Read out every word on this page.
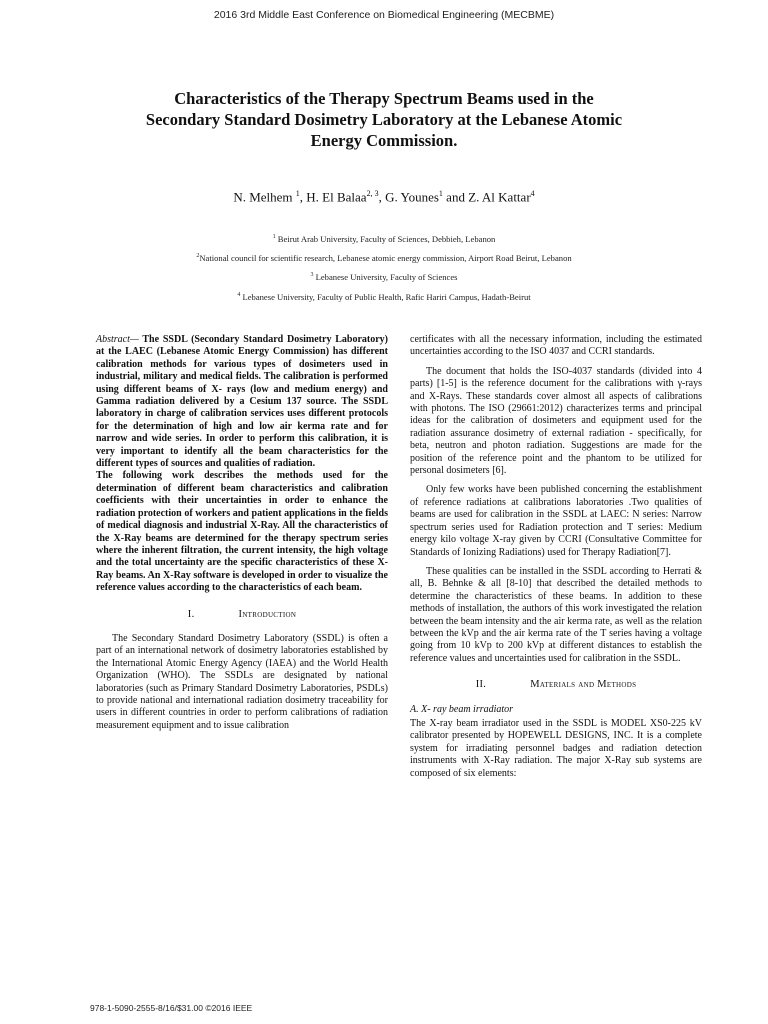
2016 3rd Middle East Conference on Biomedical Engineering (MECBME)
Characteristics of the Therapy Spectrum Beams used in the
Secondary Standard Dosimetry Laboratory at the Lebanese Atomic
Energy Commission.
N. Melhem $^1$, H. El Balaa$^{2, 3}$, G. Younes$^1$ and Z. Al Kattar$^4$
$^1$ Beirut Arab University, Faculty of Sciences, Debbieh, Lebanon
$^2$National council for scientific research, Lebanese atomic energy commission, Airport Road Beirut, Lebanon
$^3$ Lebanese University, Faculty of Sciences
$^4$ Lebanese University, Faculty of Public Health, Rafic Hariri Campus, Hadath-Beirut

Abstract— The SSDL (Secondary Standard Dosimetry Laboratory) at the LAEC (Lebanese Atomic Energy Commission) has different calibration methods for various types of dosimeters used in industrial, military and medical fields. The calibration is performed using different beams of X- rays (low and medium energy) and Gamma radiation delivered by a Cesium 137 source. The SSDL laboratory in charge of calibration services uses different protocols for the determination of high and low air kerma rate and for narrow and wide series. In order to perform this calibration, it is very important to identify all the beam characteristics for the different types of sources and qualities of radiation.

The following work describes the methods used for the determination of different beam characteristics and calibration coefficients with their uncertainties in order to enhance the radiation protection of workers and patient applications in the fields of medical diagnosis and industrial X-Ray. All the characteristics of the X-Ray beams are determined for the therapy spectrum series where the inherent filtration, the current intensity, the high voltage and the total uncertainty are the specific characteristics of these X-Ray beams. An X-Ray software is developed in order to visualize the reference values according to the characteristics of each beam.

I.	Introduction

The Secondary Standard Dosimetry Laboratory (SSDL) is often a part of an international network of dosimetry laboratories established by the International Atomic Energy Agency (IAEA) and the World Health Organization (WHO). The SSDLs are designated by national laboratories (such as Primary Standard Dosimetry Laboratories, PSDLs) to provide national and international radiation dosimetry traceability for users in different countries in order to perform calibrations of radiation measurement equipment and to issue calibration

certificates with all the necessary information, including the estimated uncertainties according to the ISO 4037 and CCRI standards.

The document that holds the ISO-4037 standards (divided into 4 parts) [1-5] is the reference document for the calibrations with γ-rays and X-Rays. These standards cover almost all aspects of calibrations with photons. The ISO (29661:2012) characterizes terms and principal ideas for the calibration of dosimeters and equipment used for the radiation assurance dosimetry of external radiation - specifically, for beta, neutron and photon radiation. Suggestions are made for the position of the reference point and the phantom to be utilized for personal dosimeters [6].

Only few works have been published concerning the establishment of reference radiations at calibrations laboratories .Two qualities of beams are used for calibration in the SSDL at LAEC: N series: Narrow spectrum series used for Radiation protection and T series: Medium energy kilo voltage X-ray given by CCRI (Consultative Committee for Standards of Ionizing Radiations) used for Therapy Radiation[7].

These qualities can be installed in the SSDL according to Herrati & all, B. Behnke & all [8-10] that described the detailed methods to determine the characteristics of these beams. In addition to these methods of installation, the authors of this work investigated the relation between the beam intensity and the air kerma rate, as well as the relation between the kVp and the air kerma rate of the T series having a voltage going from 10 kVp to 200 kVp at different distances to establish the reference values and uncertainties used for calibration in the SSDL.

II.	Materials and Methods

A. X- ray beam irradiator

The X-ray beam irradiator used in the SSDL is MODEL XS0-225 kV calibrator presented by HOPEWELL DESIGNS, INC. It is a complete system for irradiating personnel badges and radiation detection instruments with X-Ray radiation. The major X-Ray sub systems are composed of six elements:

978-1-5090-2555-8/16/$31.00 ©2016 IEEE
